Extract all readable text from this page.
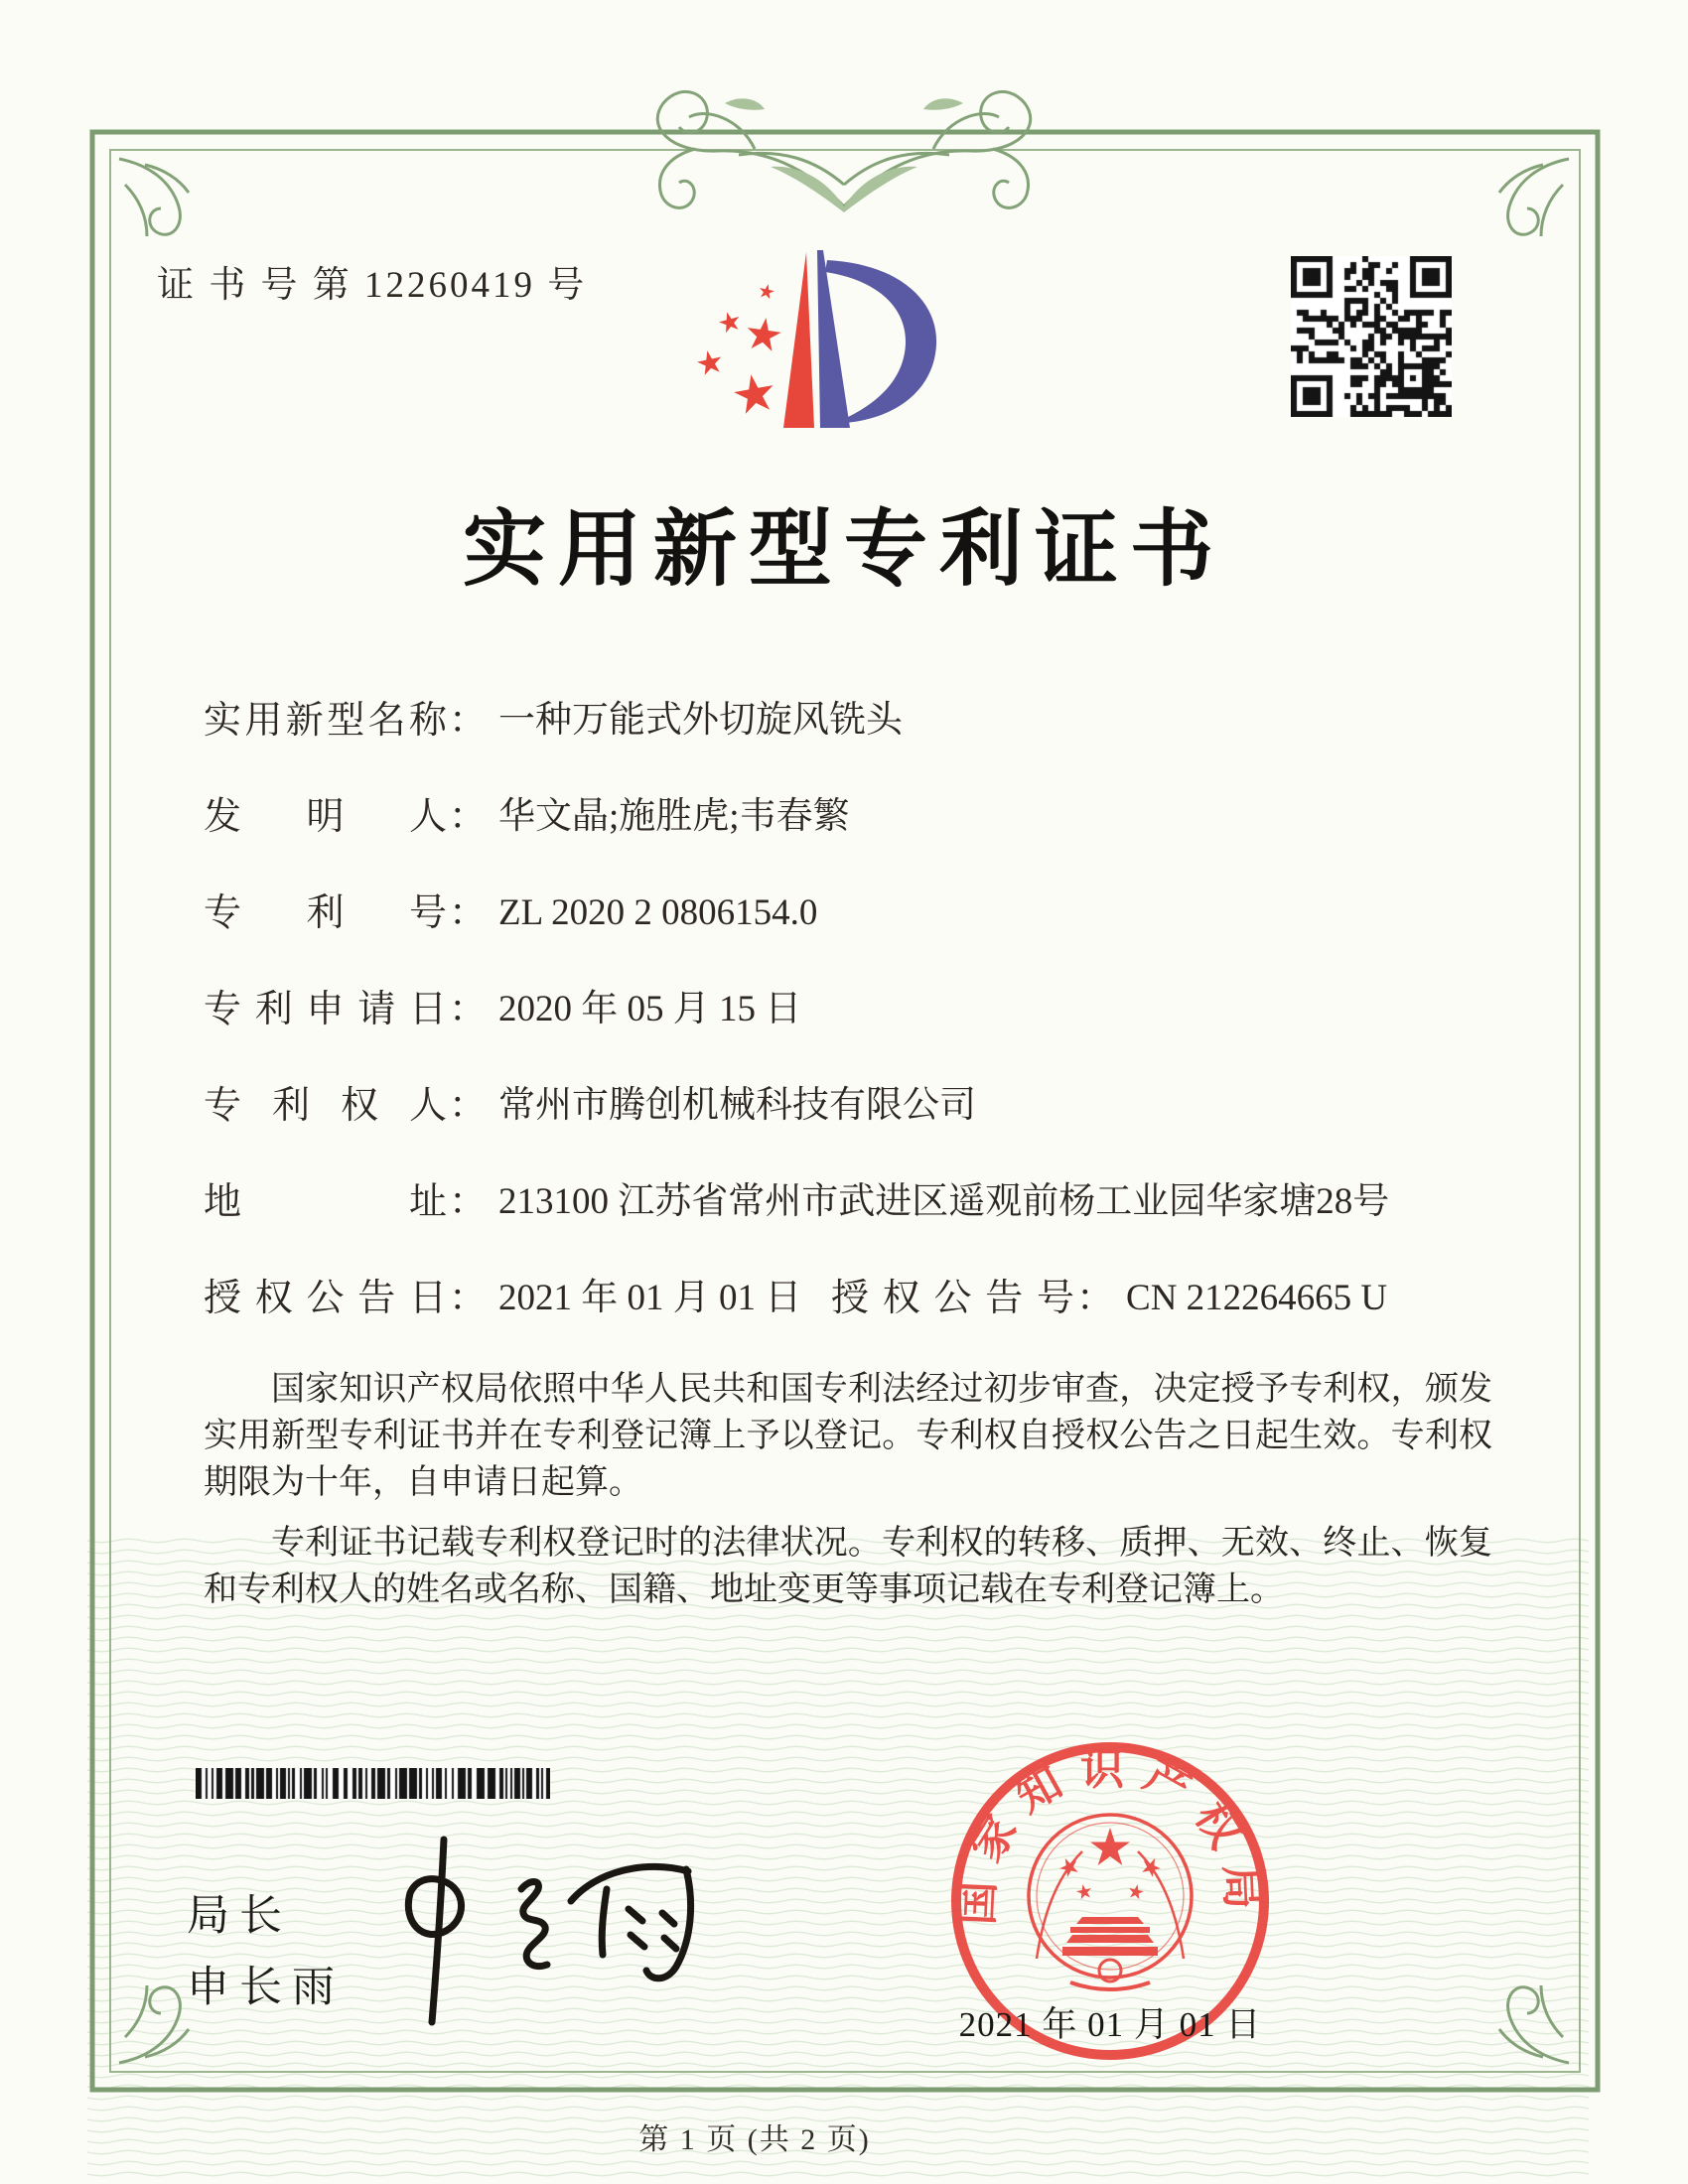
证 书 号 第 12260419 号
实用新型专利证书
实用新型名称 ： 一种万能式外切旋风铣头
发明人 ： 华文晶;施胜虎;韦春繁
专利号 ： ZL 2020 2 0806154.0
专利申请日 ： 2020 年 05 月 15 日
专利权人 ： 常州市腾创机械科技有限公司
地址 ： 213100 江苏省常州市武进区遥观前杨工业园华家塘28号
授权公告日 ： 2021 年 01 月 01 日 授权公告号 ： CN 212264665 U

国家知识产权局依照中华人民共和国专利法经过初步审查，决定授予专利权，颁发实用新型专利证书并在专利登记簿上予以登记。专利权自授权公告之日起生效。专利权期限为十年，自申请日起算。

专利证书记载专利权登记时的法律状况。专利权的转移、质押、无效、终止、恢复和专利权人的姓名或名称、国籍、地址变更等事项记载在专利登记簿上。

局长
申长雨
国家知识产权局
2021 年 01 月 01 日
第 1 页 (共 2 页)
